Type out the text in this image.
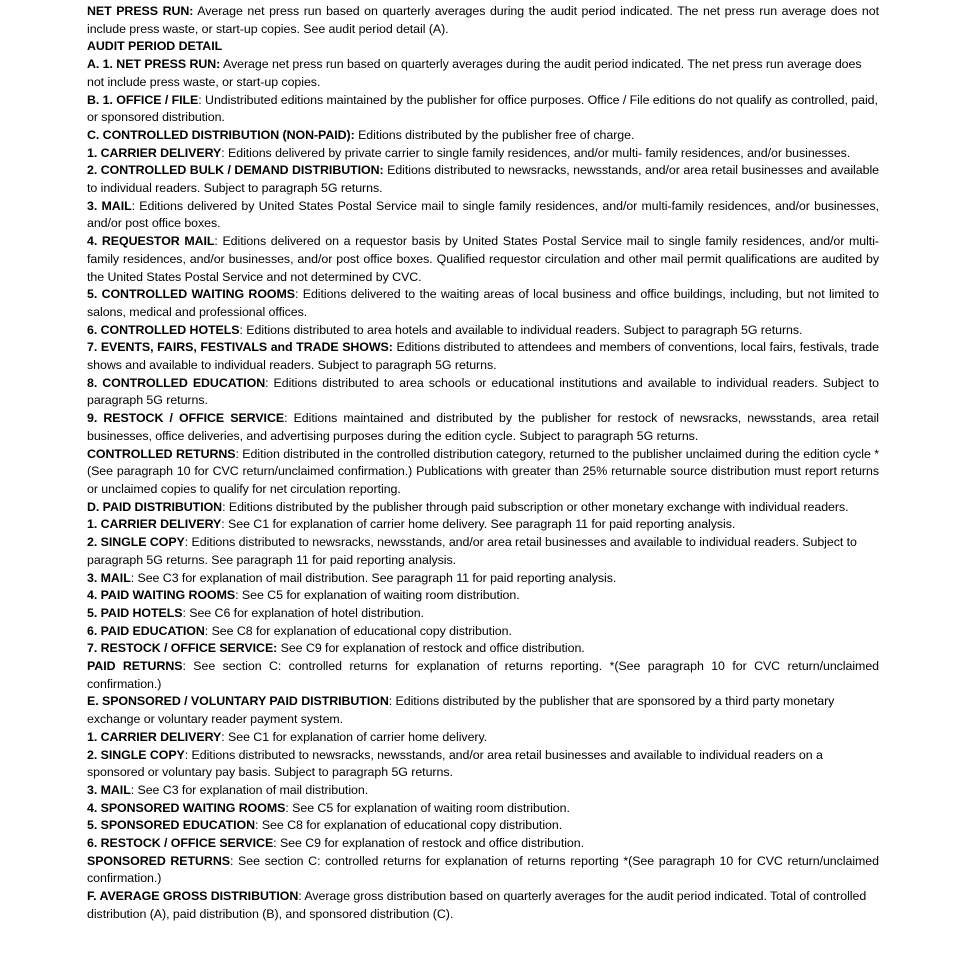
NET PRESS RUN: Average net press run based on quarterly averages during the audit period indicated. The net press run average does not include press waste, or start-up copies. See audit period detail (A).

AUDIT PERIOD DETAIL

A. 1. NET PRESS RUN: Average net press run based on quarterly averages during the audit period indicated. The net press run average does not include press waste, or start-up copies.

B. 1. OFFICE / FILE: Undistributed editions maintained by the publisher for office purposes. Office / File editions do not qualify as controlled, paid, or sponsored distribution.

C. CONTROLLED DISTRIBUTION (NON-PAID): Editions distributed by the publisher free of charge.

1. CARRIER DELIVERY: Editions delivered by private carrier to single family residences, and/or multi- family residences, and/or businesses.

2. CONTROLLED BULK / DEMAND DISTRIBUTION: Editions distributed to newsracks, newsstands, and/or area retail businesses and available to individual readers. Subject to paragraph 5G returns.

3. MAIL: Editions delivered by United States Postal Service mail to single family residences, and/or multi-family residences, and/or businesses, and/or post office boxes.

4. REQUESTOR MAIL: Editions delivered on a requestor basis by United States Postal Service mail to single family residences, and/or multi-family residences, and/or businesses, and/or post office boxes. Qualified requestor circulation and other mail permit qualifications are audited by the United States Postal Service and not determined by CVC.

5. CONTROLLED WAITING ROOMS: Editions delivered to the waiting areas of local business and office buildings, including, but not limited to salons, medical and professional offices.

6. CONTROLLED HOTELS: Editions distributed to area hotels and available to individual readers. Subject to paragraph 5G returns.

7. EVENTS, FAIRS, FESTIVALS and TRADE SHOWS: Editions distributed to attendees and members of conventions, local fairs, festivals, trade shows and available to individual readers. Subject to paragraph 5G returns.

8. CONTROLLED EDUCATION: Editions distributed to area schools or educational institutions and available to individual readers. Subject to paragraph 5G returns.

9. RESTOCK / OFFICE SERVICE: Editions maintained and distributed by the publisher for restock of newsracks, newsstands, area retail businesses, office deliveries, and advertising purposes during the edition cycle. Subject to paragraph 5G returns.

CONTROLLED RETURNS: Edition distributed in the controlled distribution category, returned to the publisher unclaimed during the edition cycle *(See paragraph 10 for CVC return/unclaimed confirmation.) Publications with greater than 25% returnable source distribution must report returns or unclaimed copies to qualify for net circulation reporting.

D. PAID DISTRIBUTION: Editions distributed by the publisher through paid subscription or other monetary exchange with individual readers.

1. CARRIER DELIVERY: See C1 for explanation of carrier home delivery. See paragraph 11 for paid reporting analysis.

2. SINGLE COPY: Editions distributed to newsracks, newsstands, and/or area retail businesses and available to individual readers. Subject to paragraph 5G returns. See paragraph 11 for paid reporting analysis.

3. MAIL: See C3 for explanation of mail distribution. See paragraph 11 for paid reporting analysis.

4. PAID WAITING ROOMS: See C5 for explanation of waiting room distribution.

5. PAID HOTELS: See C6 for explanation of hotel distribution.

6. PAID EDUCATION: See C8 for explanation of educational copy distribution.

7. RESTOCK / OFFICE SERVICE: See C9 for explanation of restock and office distribution.

PAID RETURNS: See section C: controlled returns for explanation of returns reporting. *(See paragraph 10 for CVC return/unclaimed confirmation.)

E. SPONSORED / VOLUNTARY PAID DISTRIBUTION: Editions distributed by the publisher that are sponsored by a third party monetary exchange or voluntary reader payment system.

1. CARRIER DELIVERY: See C1 for explanation of carrier home delivery.

2. SINGLE COPY: Editions distributed to newsracks, newsstands, and/or area retail businesses and available to individual readers on a sponsored or voluntary pay basis. Subject to paragraph 5G returns.

3. MAIL: See C3 for explanation of mail distribution.

4. SPONSORED WAITING ROOMS: See C5 for explanation of waiting room distribution.

5. SPONSORED EDUCATION: See C8 for explanation of educational copy distribution.

6. RESTOCK / OFFICE SERVICE: See C9 for explanation of restock and office distribution.

SPONSORED RETURNS: See section C: controlled returns for explanation of returns reporting *(See paragraph 10 for CVC return/unclaimed confirmation.)

F. AVERAGE GROSS DISTRIBUTION: Average gross distribution based on quarterly averages for the audit period indicated. Total of controlled distribution (A), paid distribution (B), and sponsored distribution (C).
